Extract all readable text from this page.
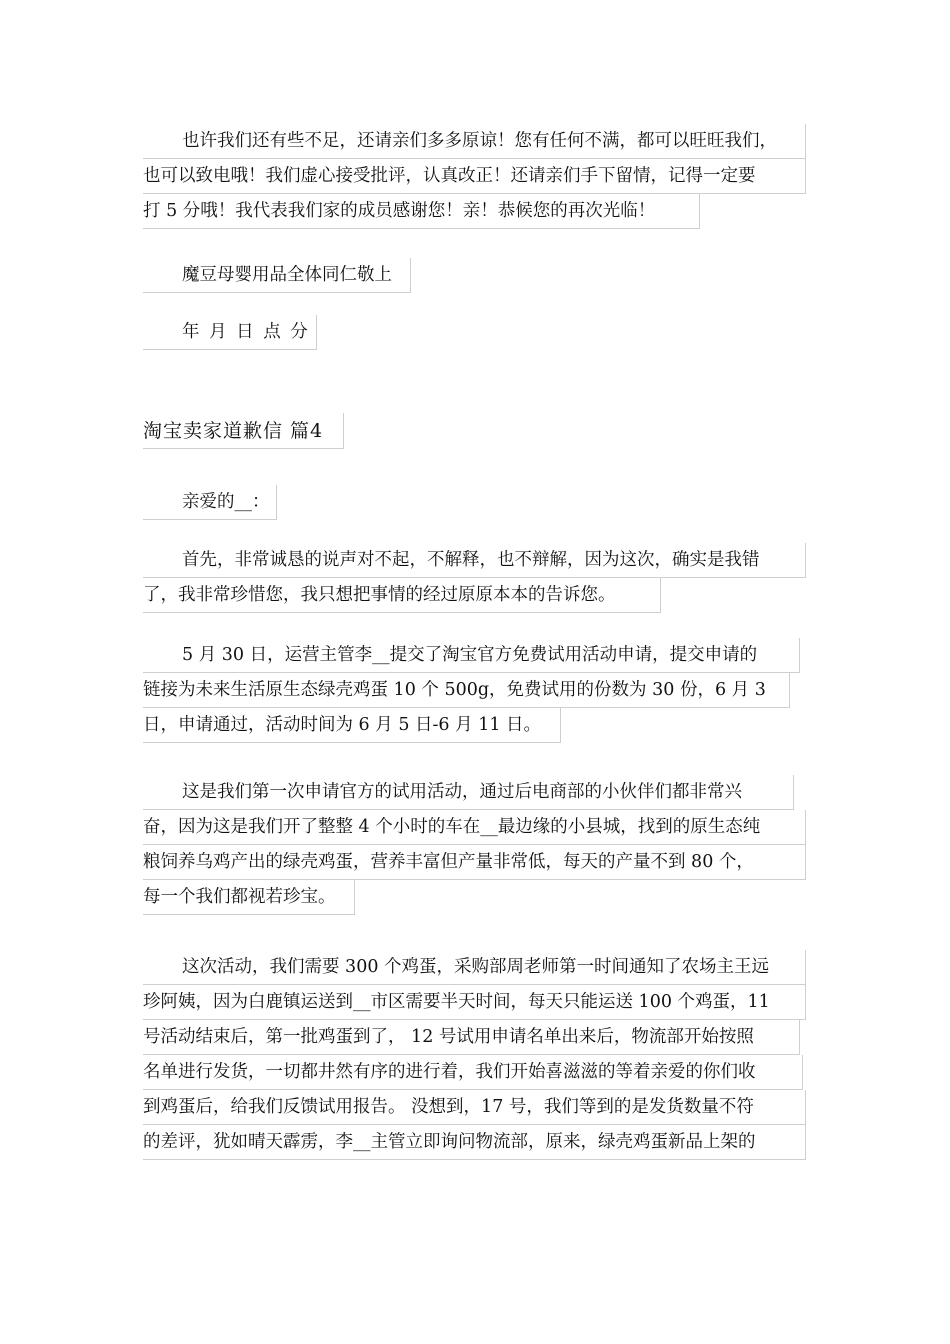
也许我们还有些不足，还请亲们多多原谅！您有任何不满，都可以旺旺我们，
也可以致电哦！我们虚心接受批评，认真改正！还请亲们手下留情，记得一定要
打 5 分哦！我代表我们家的成员感谢您！亲！恭候您的再次光临！
魔豆母婴用品全体同仁敬上
年 月 日 点 分
淘宝卖家道歉信 篇4
亲爱的__：
首先，非常诚恳的说声对不起，不解释，也不辩解，因为这次，确实是我错
了，我非常珍惜您，我只想把事情的经过原原本本的告诉您。
5 月 30 日，运营主管李__提交了淘宝官方免费试用活动申请，提交申请的
链接为未来生活原生态绿壳鸡蛋 10 个 500g，免费试用的份数为 30 份，6 月 3
日，申请通过，活动时间为 6 月 5 日-6 月 11 日。
这是我们第一次申请官方的试用活动，通过后电商部的小伙伴们都非常兴
奋，因为这是我们开了整整 4 个小时的车在__最边缘的小县城，找到的原生态纯
粮饲养乌鸡产出的绿壳鸡蛋，营养丰富但产量非常低，每天的产量不到 80 个，
每一个我们都视若珍宝。
这次活动，我们需要 300 个鸡蛋，采购部周老师第一时间通知了农场主王远
珍阿姨，因为白鹿镇运送到__市区需要半天时间，每天只能运送 100 个鸡蛋，11
号活动结束后，第一批鸡蛋到了， 12 号试用申请名单出来后，物流部开始按照
名单进行发货，一切都井然有序的进行着，我们开始喜滋滋的等着亲爱的你们收
到鸡蛋后，给我们反馈试用报告。 没想到，17 号，我们等到的是发货数量不符
的差评，犹如晴天霹雳，李__主管立即询问物流部，原来，绿壳鸡蛋新品上架的
